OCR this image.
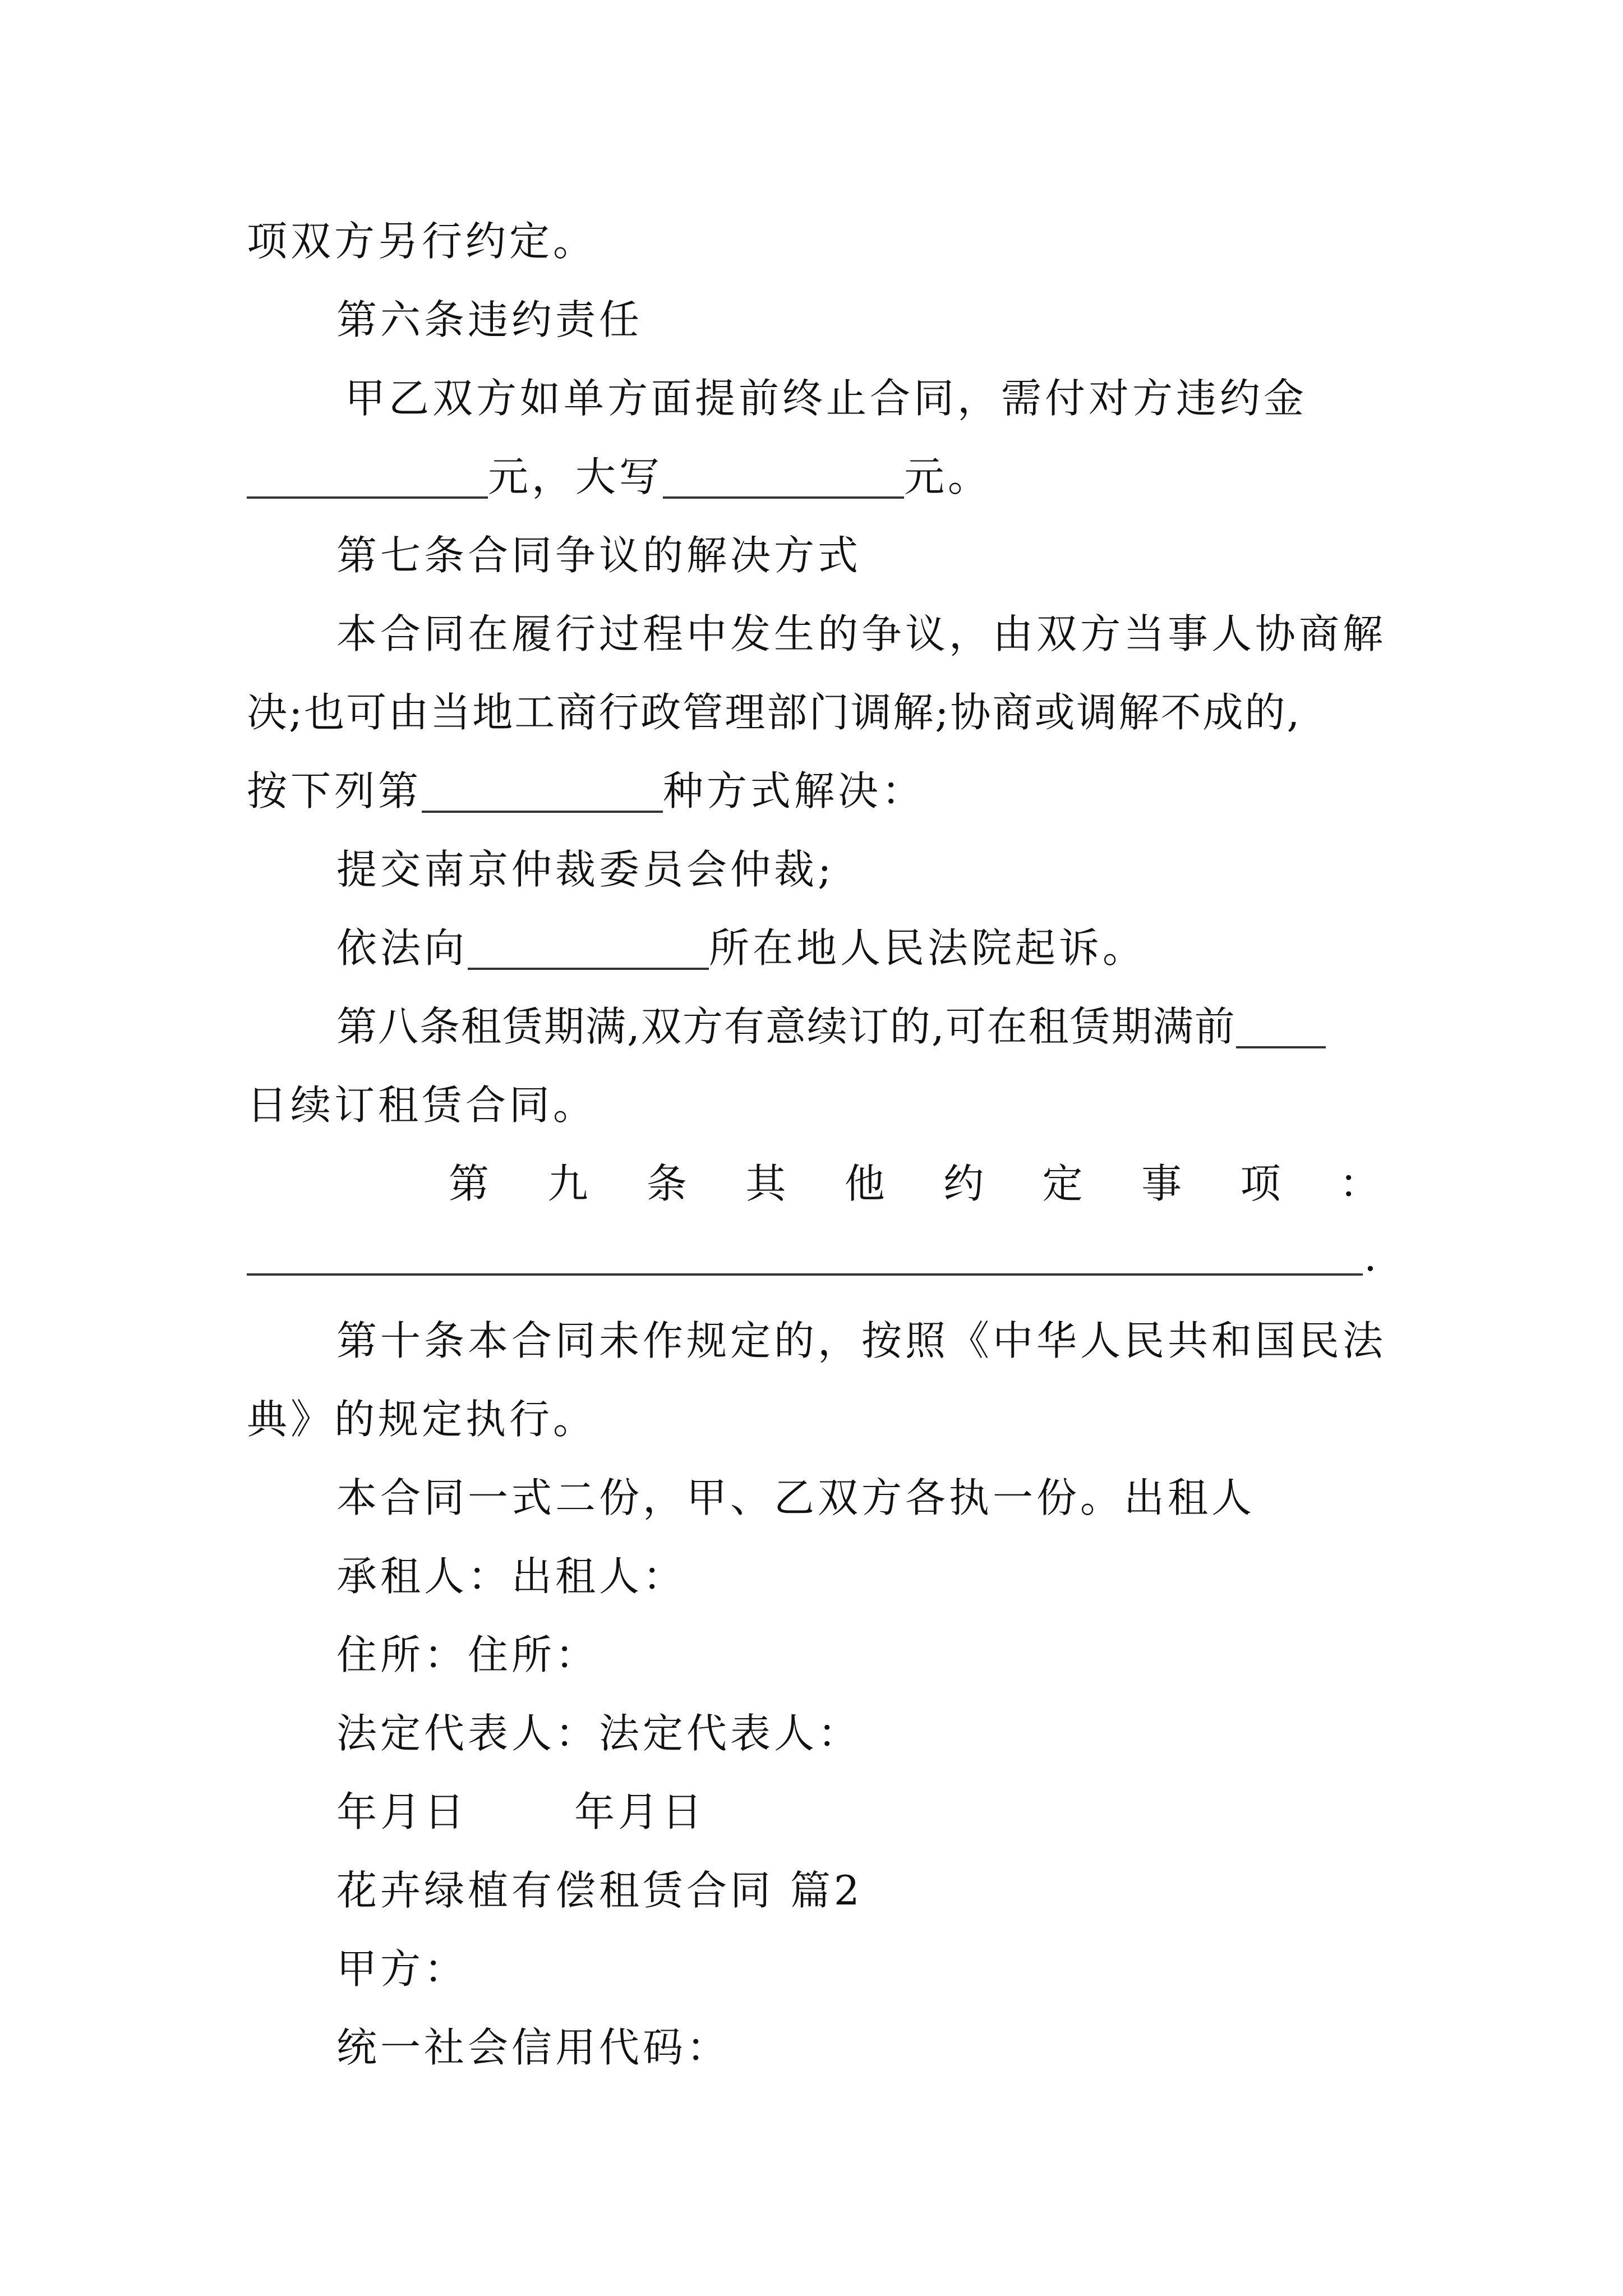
项双方另行约定。
第六条违约责任
甲乙双方如单方面提前终止合同，需付对方违约金
元，大写	元。
第七条合同争议的解决方式
本合同在履行过程中发生的争议，由双方当事人协商解
决;也可由当地工商行政管理部门调解;协商或调解不成的,
按下列第	种方式解决：
提交南京仲裁委员会仲裁;
依法向	所在地人民法院起诉。
第八条租赁期满,双方有意续订的,可在租赁期满前
日续订租赁合同。
第 九 条 其 他 约 定 事 项 ：
.
第十条本合同未作规定的，按照《中华人民共和国民法
典》的规定执行。
本合同一式二份，甲、乙双方各执一份。出租人
承租人：出租人：
住所：住所：
法定代表人：法定代表人：
年月日	年月日
花卉绿植有偿租赁合同 篇2
甲方：
统一社会信用代码：
